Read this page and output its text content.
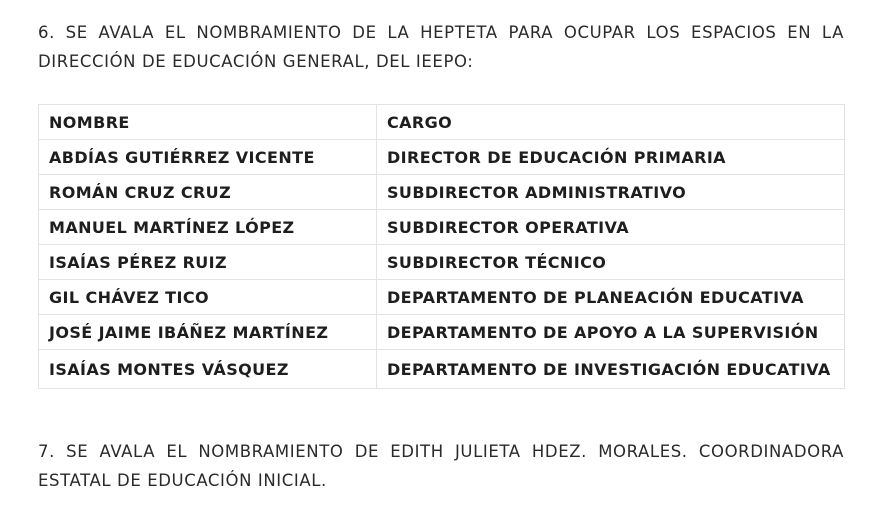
6. SE AVALA EL NOMBRAMIENTO DE LA HEPTETA PARA OCUPAR LOS ESPACIOS EN LA DIRECCIÓN DE EDUCACIÓN GENERAL, DEL IEEPO:

NOMBRE	CARGO
ABDÍAS GUTIÉRREZ VICENTE	DIRECTOR DE EDUCACIÓN PRIMARIA
ROMÁN CRUZ CRUZ	SUBDIRECTOR ADMINISTRATIVO
MANUEL MARTÍNEZ LÓPEZ	SUBDIRECTOR OPERATIVA
ISAÍAS PÉREZ RUIZ	SUBDIRECTOR TÉCNICO
GIL CHÁVEZ TICO	DEPARTAMENTO DE PLANEACIÓN EDUCATIVA
JOSÉ JAIME IBÁÑEZ MARTÍNEZ	DEPARTAMENTO DE APOYO A LA SUPERVISIÓN
ISAÍAS MONTES VÁSQUEZ	DEPARTAMENTO DE INVESTIGACIÓN EDUCATIVA

7. SE AVALA EL NOMBRAMIENTO DE EDITH JULIETA HDEZ. MORALES. COORDINADORA ESTATAL DE EDUCACIÓN INICIAL.
